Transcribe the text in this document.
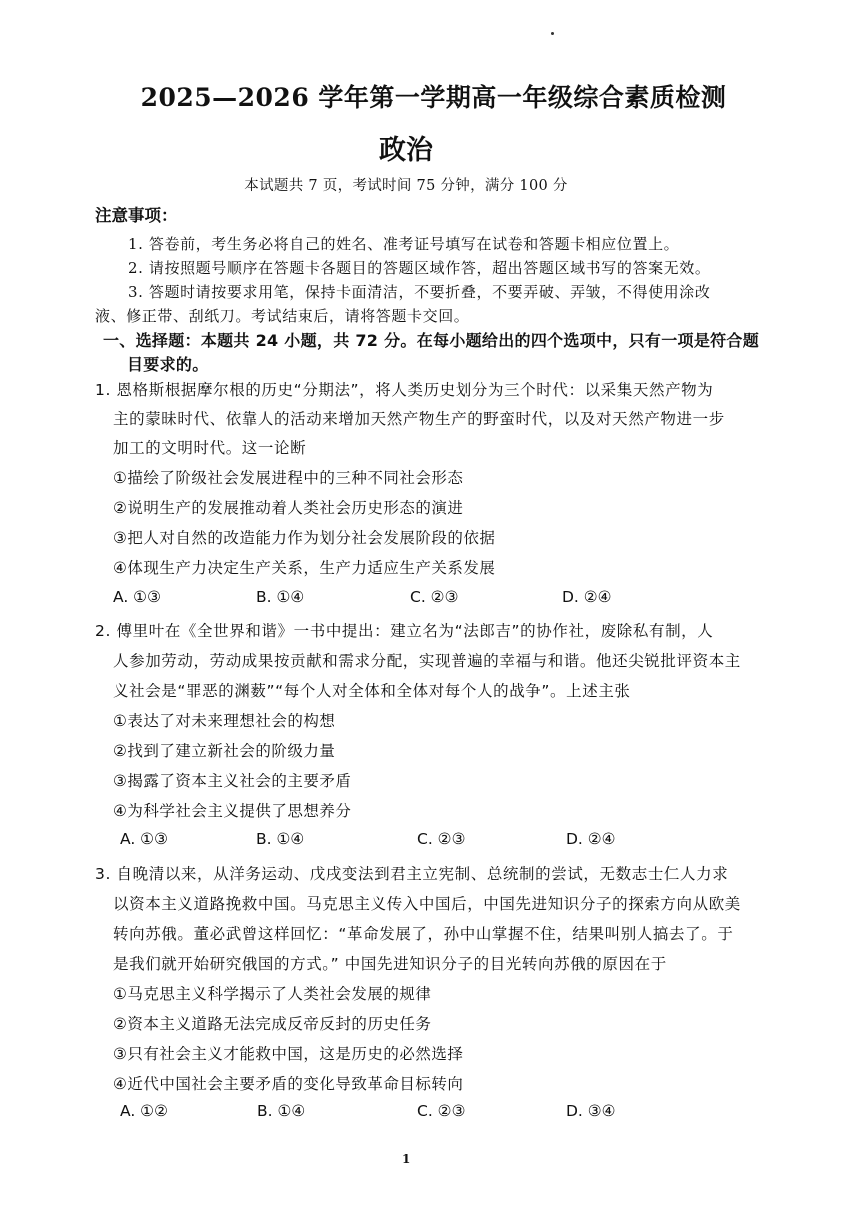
2025—2026 学年第一学期高一年级综合素质检测
政治
本试题共 7 页，考试时间 75 分钟，满分 100 分
注意事项：
1. 答卷前，考生务必将自己的姓名、准考证号填写在试卷和答题卡相应位置上。
2. 请按照题号顺序在答题卡各题目的答题区域作答，超出答题区域书写的答案无效。
3. 答题时请按要求用笔，保持卡面清洁，不要折叠，不要弄破、弄皱，不得使用涂改
液、修正带、刮纸刀。考试结束后，请将答题卡交回。
一、选择题：本题共 24 小题，共 72 分。在每小题给出的四个选项中，只有一项是符合题
目要求的。
1. 恩格斯根据摩尔根的历史“分期法”，将人类历史划分为三个时代：以采集天然产物为
主的蒙昧时代、依靠人的活动来增加天然产物生产的野蛮时代，以及对天然产物进一步
加工的文明时代。这一论断
①描绘了阶级社会发展进程中的三种不同社会形态
②说明生产的发展推动着人类社会历史形态的演进
③把人对自然的改造能力作为划分社会发展阶段的依据
④体现生产力决定生产关系，生产力适应生产关系发展
A. ①③	B. ①④	C. ②③	D. ②④
2. 傅里叶在《全世界和谐》一书中提出：建立名为“法郎吉”的协作社，废除私有制，人
人参加劳动，劳动成果按贡献和需求分配，实现普遍的幸福与和谐。他还尖锐批评资本主
义社会是“罪恶的渊薮”“每个人对全体和全体对每个人的战争”。上述主张
①表达了对未来理想社会的构想
②找到了建立新社会的阶级力量
③揭露了资本主义社会的主要矛盾
④为科学社会主义提供了思想养分
A. ①③	B. ①④	C. ②③	D. ②④
3. 自晚清以来，从洋务运动、戊戌变法到君主立宪制、总统制的尝试，无数志士仁人力求
以资本主义道路挽救中国。马克思主义传入中国后，中国先进知识分子的探索方向从欧美
转向苏俄。董必武曾这样回忆：“革命发展了，孙中山掌握不住，结果叫别人搞去了。于
是我们就开始研究俄国的方式。” 中国先进知识分子的目光转向苏俄的原因在于
①马克思主义科学揭示了人类社会发展的规律
②资本主义道路无法完成反帝反封的历史任务
③只有社会主义才能救中国，这是历史的必然选择
④近代中国社会主要矛盾的变化导致革命目标转向
A. ①②	B. ①④	C. ②③	D. ③④
1
